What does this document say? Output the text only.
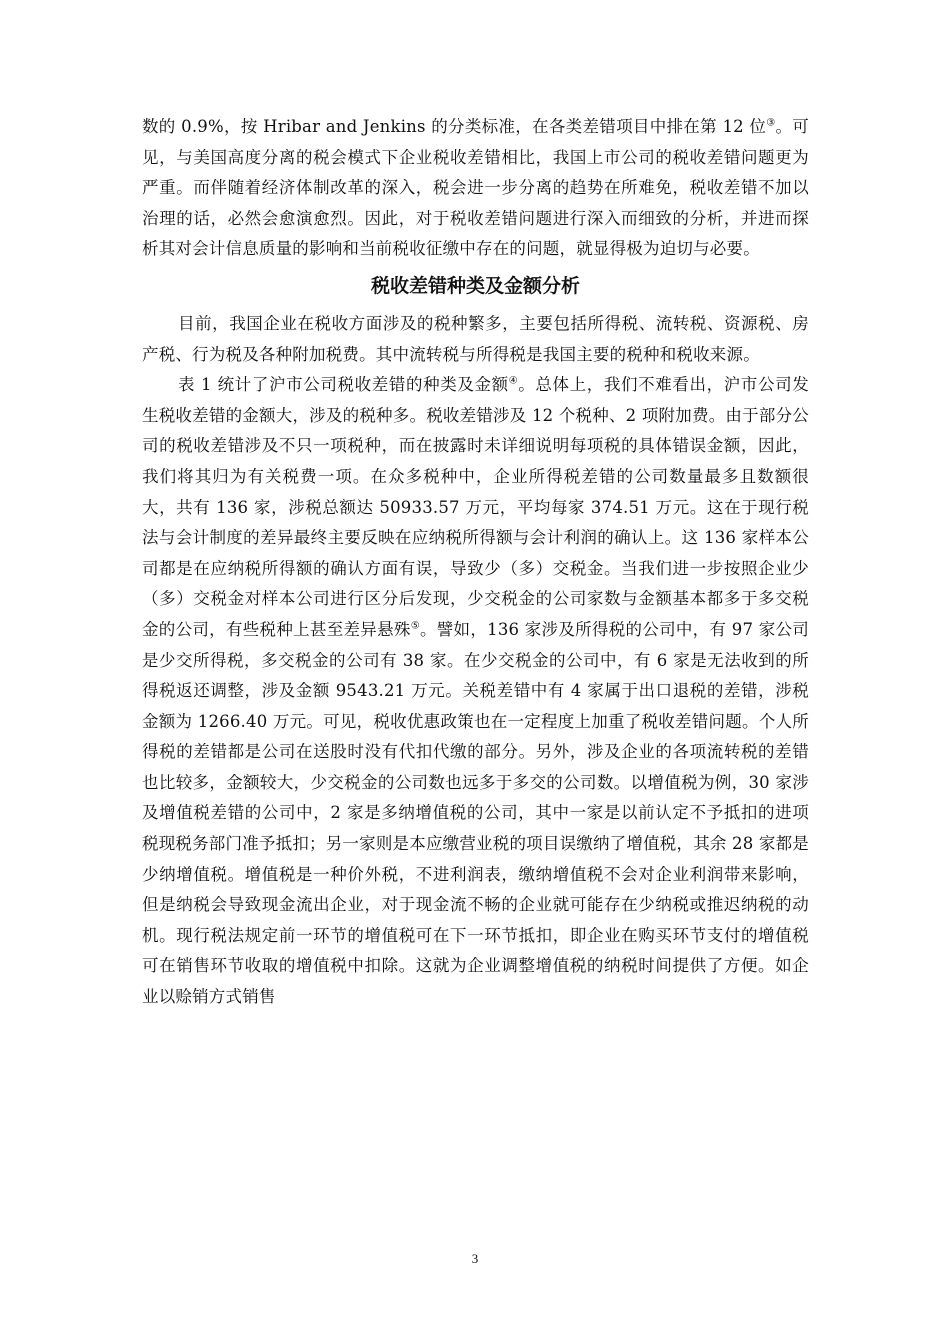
数的 0.9%，按 Hribar and Jenkins 的分类标准，在各类差错项目中排在第 12 位③。可见，与美国高度分离的税会模式下企业税收差错相比，我国上市公司的税收差错问题更为严重。而伴随着经济体制改革的深入，税会进一步分离的趋势在所难免，税收差错不加以治理的话，必然会愈演愈烈。因此，对于税收差错问题进行深入而细致的分析，并进而探析其对会计信息质量的影响和当前税收征缴中存在的问题，就显得极为迫切与必要。

税收差错种类及金额分析

目前，我国企业在税收方面涉及的税种繁多，主要包括所得税、流转税、资源税、房产税、行为税及各种附加税费。其中流转税与所得税是我国主要的税种和税收来源。

表 1 统计了沪市公司税收差错的种类及金额④。总体上，我们不难看出，沪市公司发生税收差错的金额大，涉及的税种多。税收差错涉及 12 个税种、2 项附加费。由于部分公司的税收差错涉及不只一项税种，而在披露时未详细说明每项税的具体错误金额，因此，我们将其归为有关税费一项。在众多税种中，企业所得税差错的公司数量最多且数额很大，共有 136 家，涉税总额达 50933.57 万元，平均每家 374.51 万元。这在于现行税法与会计制度的差异最终主要反映在应纳税所得额与会计利润的确认上。这 136 家样本公司都是在应纳税所得额的确认方面有误，导致少（多）交税金。当我们进一步按照企业少（多）交税金对样本公司进行区分后发现，少交税金的公司家数与金额基本都多于多交税金的公司，有些税种上甚至差异悬殊⑤。譬如，136 家涉及所得税的公司中，有 97 家公司是少交所得税，多交税金的公司有 38 家。在少交税金的公司中，有 6 家是无法收到的所得税返还调整，涉及金额 9543.21 万元。关税差错中有 4 家属于出口退税的差错，涉税金额为 1266.40 万元。可见，税收优惠政策也在一定程度上加重了税收差错问题。个人所得税的差错都是公司在送股时没有代扣代缴的部分。另外，涉及企业的各项流转税的差错也比较多，金额较大，少交税金的公司数也远多于多交的公司数。以增值税为例，30 家涉及增值税差错的公司中，2 家是多纳增值税的公司，其中一家是以前认定不予抵扣的进项税现税务部门准予抵扣；另一家则是本应缴营业税的项目误缴纳了增值税，其余 28 家都是少纳增值税。增值税是一种价外税，不进利润表，缴纳增值税不会对企业利润带来影响，但是纳税会导致现金流出企业，对于现金流不畅的企业就可能存在少纳税或推迟纳税的动机。现行税法规定前一环节的增值税可在下一环节抵扣，即企业在购买环节支付的增值税可在销售环节收取的增值税中扣除。这就为企业调整增值税的纳税时间提供了方便。如企业以赊销方式销售

3
